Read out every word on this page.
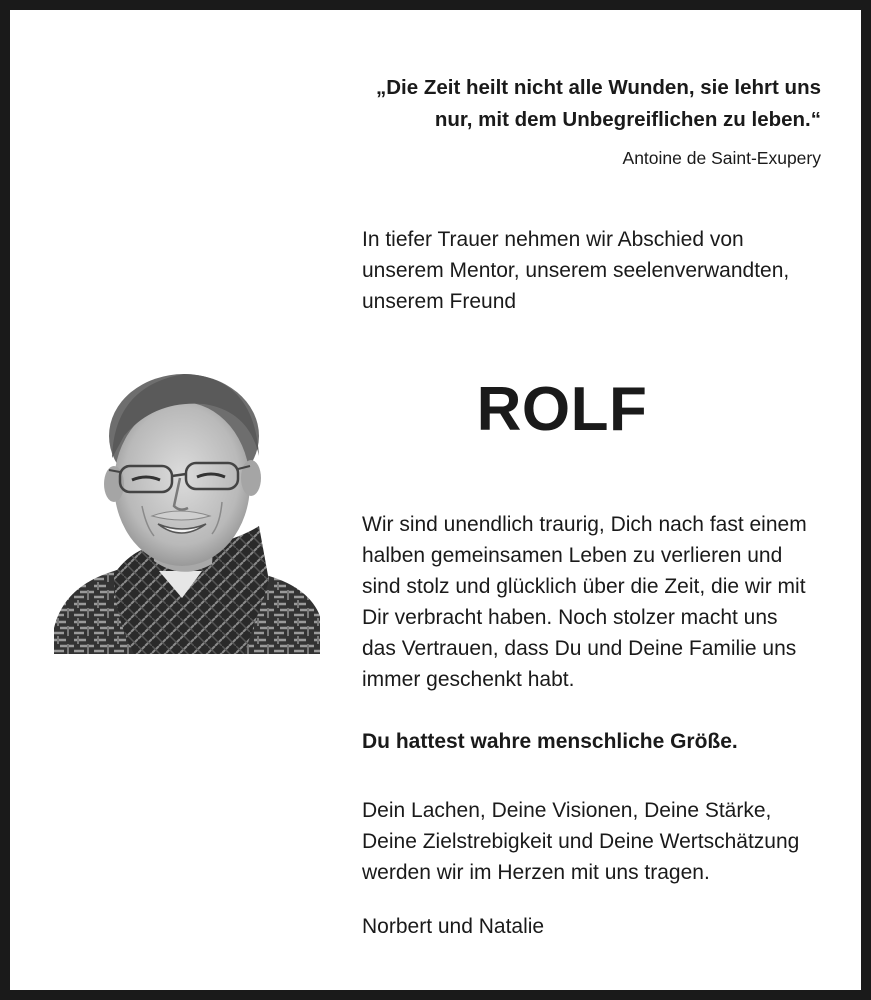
„Die Zeit heilt nicht alle Wunden, sie lehrt uns
nur, mit dem Unbegreiflichen zu leben.“
Antoine de Saint-Exupery
In tiefer Trauer nehmen wir Abschied von
unserem Mentor, unserem seelenverwandten,
unserem Freund
ROLF
Wir sind unendlich traurig, Dich nach fast einem
halben gemeinsamen Leben zu verlieren und
sind stolz und glücklich über die Zeit, die wir mit
Dir verbracht haben. Noch stolzer macht uns
das Vertrauen, dass Du und Deine Familie uns
immer geschenkt habt.
Du hattest wahre menschliche Größe.
Dein Lachen, Deine Visionen, Deine Stärke,
Deine Zielstrebigkeit und Deine Wertschätzung
werden wir im Herzen mit uns tragen.
Norbert und Natalie
